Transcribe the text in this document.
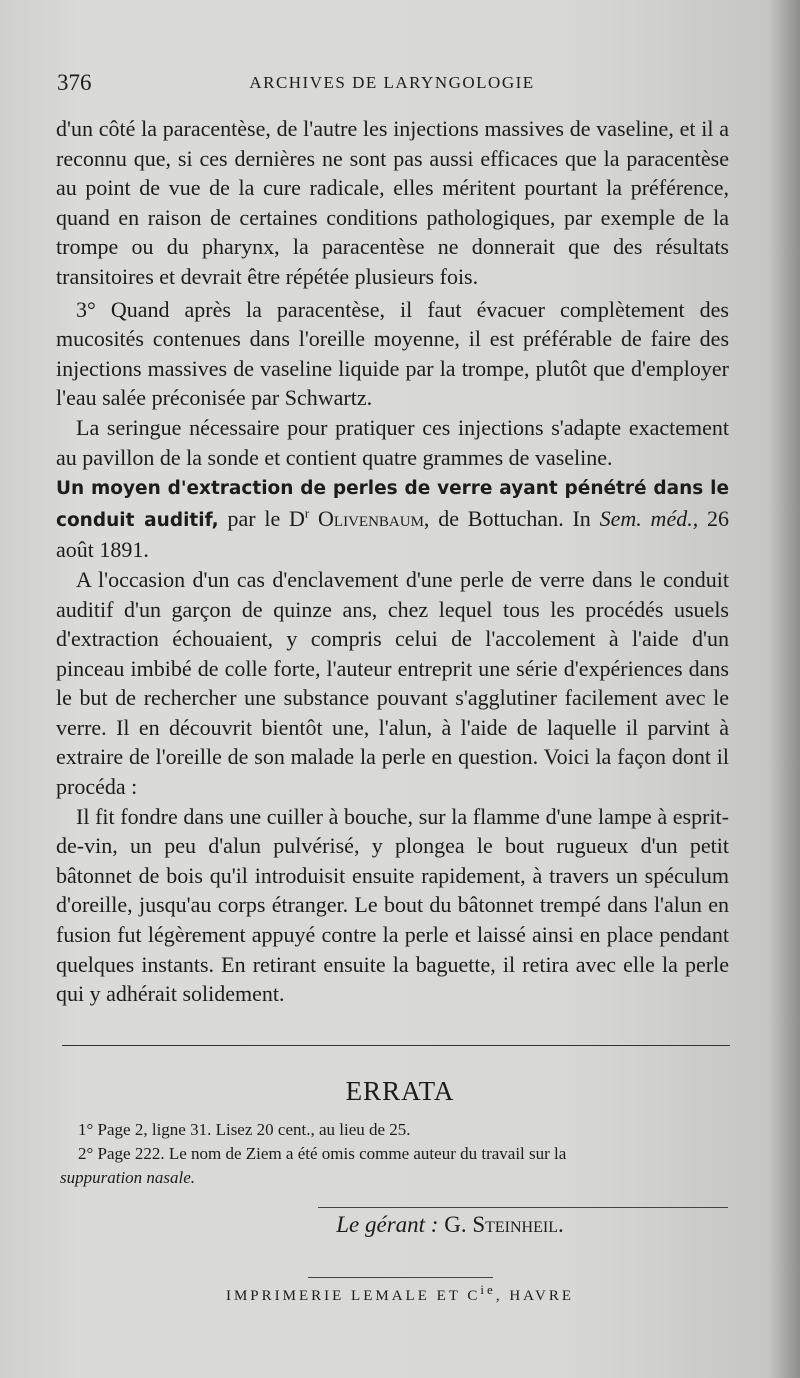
376	ARCHIVES DE LARYNGOLOGIE

d'un côté la paracentèse, de l'autre les injections massives de vaseline, et il a reconnu que, si ces dernières ne sont pas aussi efficaces que la paracentèse au point de vue de la cure radicale, elles méritent pourtant la préférence, quand en raison de certaines conditions pathologiques, par exemple de la trompe ou du pharynx, la paracentèse ne donnerait que des résultats transitoires et devrait être répétée plusieurs fois.

3° Quand après la paracentèse, il faut évacuer complètement des mucosités contenues dans l'oreille moyenne, il est préférable de faire des injections massives de vaseline liquide par la trompe, plutôt que d'employer l'eau salée préconisée par Schwartz.

La seringue nécessaire pour pratiquer ces injections s'adapte exactement au pavillon de la sonde et contient quatre grammes de vaseline.

Un moyen d'extraction de perles de verre ayant pénétré dans le conduit auditif, par le $D^r$ Olivenbaum, de Bottuchan. In Sem. méd., 26 août 1891.

A l'occasion d'un cas d'enclavement d'une perle de verre dans le conduit auditif d'un garçon de quinze ans, chez lequel tous les procédés usuels d'extraction échouaient, y compris celui de l'accolement à l'aide d'un pinceau imbibé de colle forte, l'auteur entreprit une série d'expériences dans le but de rechercher une substance pouvant s'agglutiner facilement avec le verre. Il en découvrit bientôt une, l'alun, à l'aide de laquelle il parvint à extraire de l'oreille de son malade la perle en question. Voici la façon dont il procéda :

Il fit fondre dans une cuiller à bouche, sur la flamme d'une lampe à esprit-de-vin, un peu d'alun pulvérisé, y plongea le bout rugueux d'un petit bâtonnet de bois qu'il introduisit ensuite rapidement, à travers un spéculum d'oreille, jusqu'au corps étranger. Le bout du bâtonnet trempé dans l'alun en fusion fut légèrement appuyé contre la perle et laissé ainsi en place pendant quelques instants. En retirant ensuite la baguette, il retira avec elle la perle qui y adhérait solidement.

ERRATA
1° Page 2, ligne 31. Lisez 20 cent., au lieu de 25.
2° Page 222. Le nom de Ziem a été omis comme auteur du travail sur la
suppuration nasale.
Le gérant : G. Steinheil.
IMPRIMERIE LEMALE ET $C^{ie}$, HAVRE
